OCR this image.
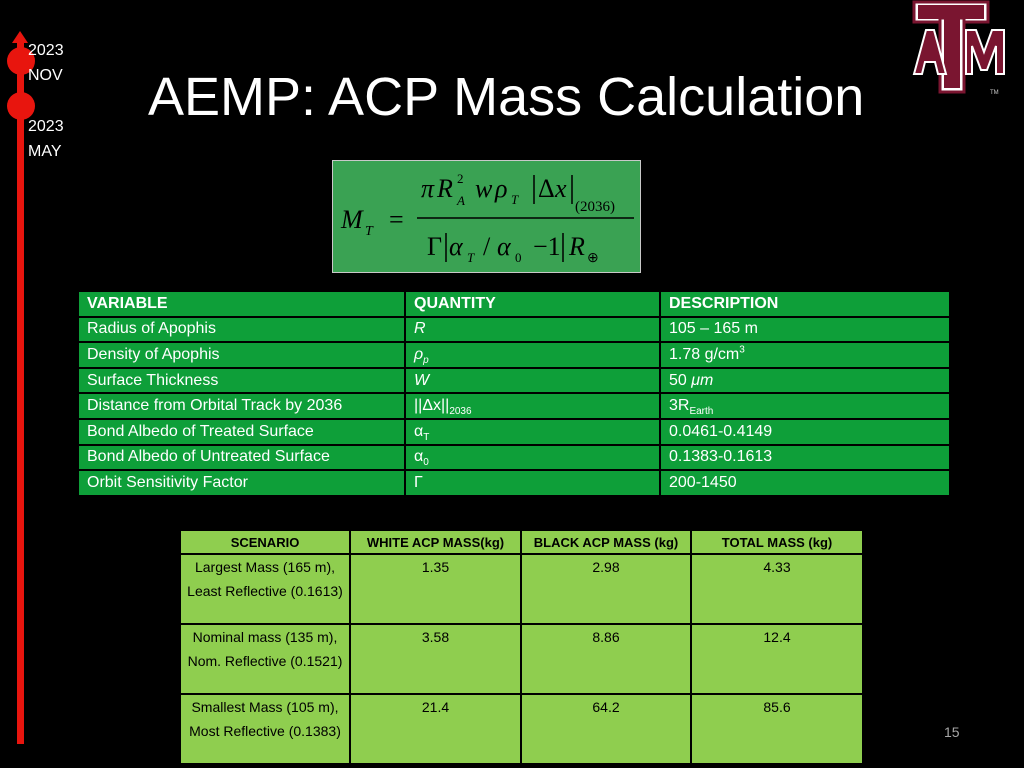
2023
NOV
2023
MAY
AEMP: ACP Mass Calculation	TM
M T =
π R 2
A w ρ T Δ x
(2036)
Γ α T / α 0 −1 R ⊕
VARIABLE	QUANTITY	DESCRIPTION
Radius of Apophis	R	105 – 165 m
Density of Apophis	$\rho_p$	1.78 $g/cm^3$
Surface Thickness	W	50 μm
Distance from Orbital Track by 2036	$||\Delta x||_{2036}$	$3R_{Earth}$
Bond Albedo of Treated Surface	$\alpha_T$	0.0461-0.4149
Bond Albedo of Untreated Surface	$\alpha_0$	0.1383-0.1613
Orbit Sensitivity Factor	Γ	200-1450
SCENARIO	WHITE ACP MASS(kg)	BLACK ACP MASS (kg)	TOTAL MASS (kg)
Largest Mass (165 m), Least Reflective (0.1613)	1.35	2.98	4.33
Nominal mass (135 m), Nom. Reflective (0.1521)	3.58	8.86	12.4
Smallest Mass (105 m), Most Reflective (0.1383)	21.4	64.2	85.6
15
